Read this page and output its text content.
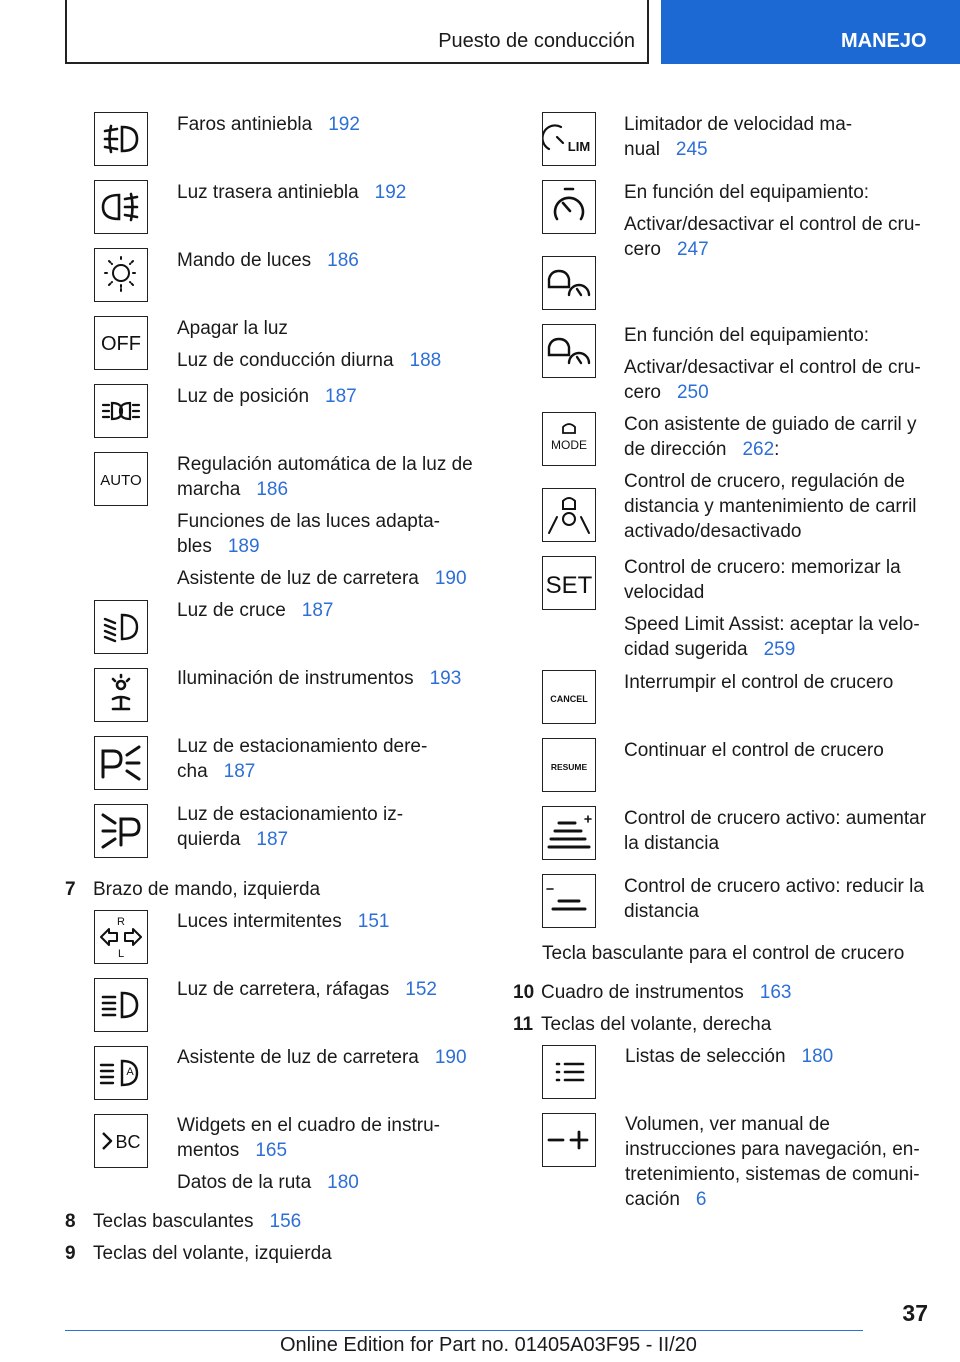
Puesto de conducción	MANEJO
OFF
AUTO
R
L
A
BC
Faros antiniebla 192
Luz trasera antiniebla 192
Mando de luces 186
Apagar la luz
Luz de conducción diurna 188
Luz de posición 187
Regulación automática de la luz de
marcha 186
Funciones de las luces adapta-
bles 189
Asistente de luz de carretera 190
Luz de cruce 187
Iluminación de instrumentos 193
Luz de estacionamiento dere-
cha 187
Luz de estacionamiento iz-
quierda 187
7 Brazo de mando, izquierda
Luces intermitentes 151
Luz de carretera, ráfagas 152
Asistente de luz de carretera 190
Widgets en el cuadro de instru-
mentos 165
Datos de la ruta 180
8 Teclas basculantes 156
9 Teclas del volante, izquierda
LIM
MODE
SET
CANCEL
RESUME
Limitador de velocidad ma-
nual 245
En función del equipamiento:
Activar/desactivar el control de cru-
cero 247
En función del equipamiento:
Activar/desactivar el control de cru-
cero 250
Con asistente de guiado de carril y
de dirección 262:
Control de crucero, regulación de
distancia y mantenimiento de carril
activado/desactivado
Control de crucero: memorizar la
velocidad
Speed Limit Assist: aceptar la velo-
cidad sugerida 259
Interrumpir el control de crucero
Continuar el control de crucero
Control de crucero activo: aumentar
la distancia
Control de crucero activo: reducir la
distancia
Tecla basculante para el control de crucero
10 Cuadro de instrumentos 163
11 Teclas del volante, derecha
Listas de selección 180
Volumen, ver manual de
instrucciones para navegación, en-
tretenimiento, sistemas de comuni-
cación 6
37
Online Edition for Part no. 01405A03F95 - II/20
